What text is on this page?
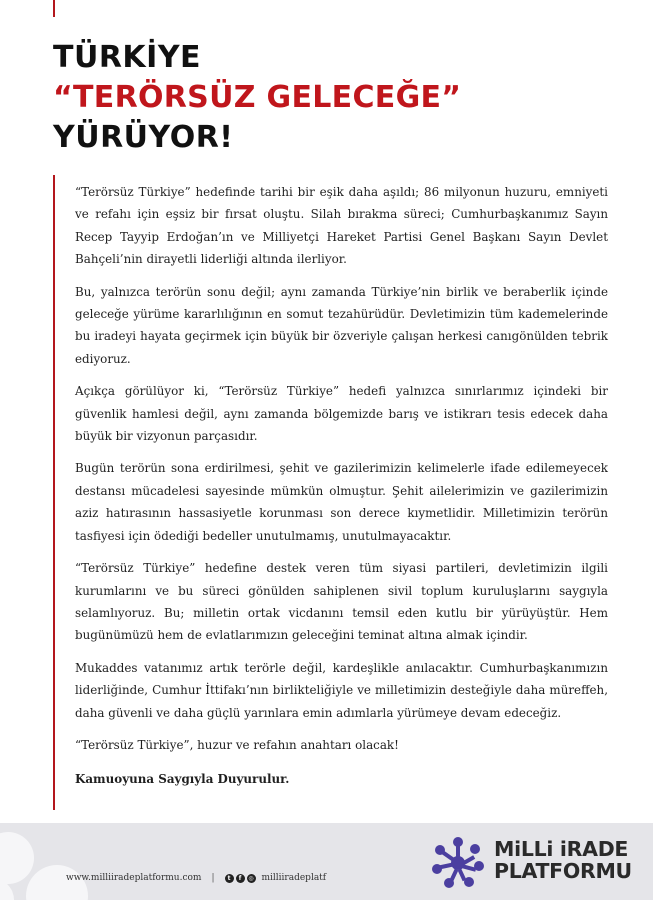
TÜRKİYE
“TERÖRSÜZ GELECEĞE”
YÜRÜYOR!

“Terörsüz Türkiye” hedefinde tarihi bir eşik daha aşıldı; 86 milyonun huzuru, emniyeti ve refahı için eşsiz bir fırsat oluştu. Silah bırakma süreci; Cumhurbaşkanımız Sayın Recep Tayyip Erdoğan’ın ve Milliyetçi Hareket Partisi Genel Başkanı Sayın Devlet Bahçeli’nin dirayetli liderliği altında ilerliyor.

Bu, yalnızca terörün sonu değil; aynı zamanda Türkiye’nin birlik ve beraberlik içinde geleceğe yürüme kararlılığının en somut tezahürüdür. Devletimizin tüm kademelerinde bu iradeyi hayata geçirmek için büyük bir özveriyle çalışan herkesi canıgönülden tebrik ediyoruz.

Açıkça görülüyor ki, “Terörsüz Türkiye” hedefi yalnızca sınırlarımız içindeki bir güvenlik hamlesi değil, aynı zamanda bölgemizde barış ve istikrarı tesis edecek daha büyük bir vizyonun parçasıdır.

Bugün terörün sona erdirilmesi, şehit ve gazilerimizin kelimelerle ifade edilemeyecek destansı mücadelesi sayesinde mümkün olmuştur. Şehit ailelerimizin ve gazilerimizin aziz hatırasının hassasiyetle korunması son derece kıymetlidir. Milletimizin terörün tasfiyesi için ödediği bedeller unutulmamış, unutulmayacaktır.

“Terörsüz Türkiye” hedefine destek veren tüm siyasi partileri, devletimizin ilgili kurumlarını ve bu süreci gönülden sahiplenen sivil toplum kuruluşlarını saygıyla selamlıyoruz. Bu; milletin ortak vicdanını temsil eden kutlu bir yürüyüştür. Hem bugünümüzü hem de evlatlarımızın geleceğini teminat altına almak içindir.

Mukaddes vatanımız artık terörle değil, kardeşlikle anılacaktır. Cumhurbaşkanımızın liderliğinde, Cumhur İttifakı’nın birlikteliğiyle ve milletimizin desteğiyle daha müreffeh, daha güvenli ve daha güçlü yarınlara emin adımlarla yürümeye devam edeceğiz.

“Terörsüz Türkiye”, huzur ve refahın anahtarı olacak!

Kamuoyuna Saygıyla Duyurulur.

www.milliiradeplatformu.com |	t	f	◎ milliiradeplatf
MiLLi iRADE
PLATFORMU
